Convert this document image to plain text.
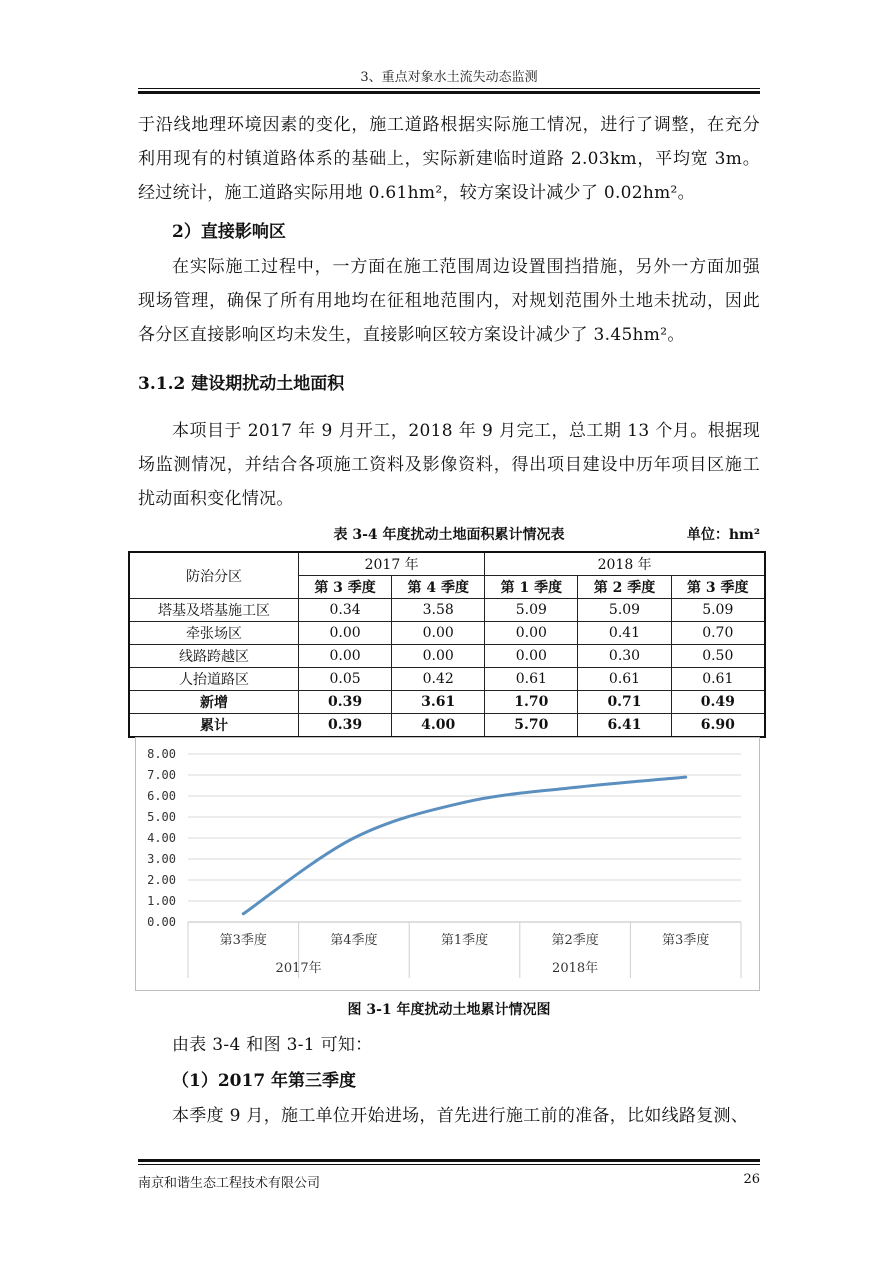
3、重点对象水土流失动态监测
于沿线地理环境因素的变化，施工道路根据实际施工情况，进行了调整，在充分利用现有的村镇道路体系的基础上，实际新建临时道路 2.03km，平均宽 3m。经过统计，施工道路实际用地 0.61hm²，较方案设计减少了 0.02hm²。
2）直接影响区
在实际施工过程中，一方面在施工范围周边设置围挡措施，另外一方面加强现场管理，确保了所有用地均在征租地范围内，对规划范围外土地未扰动，因此各分区直接影响区均未发生，直接影响区较方案设计减少了 3.45hm²。
3.1.2 建设期扰动土地面积
本项目于 2017 年 9 月开工，2018 年 9 月完工，总工期 13 个月。根据现场监测情况，并结合各项施工资料及影像资料，得出项目建设中历年项目区施工扰动面积变化情况。
表 3-4 年度扰动土地面积累计情况表	单位：hm²
防治分区	2017 年		2018 年		
	第 3 季度	第 4 季度	第 1 季度	第 2 季度	第 3 季度
塔基及塔基施工区	0.34	3.58	5.09	5.09	5.09
牵张场区	0.00	0.00	0.00	0.41	0.70
线路跨越区	0.00	0.00	0.00	0.30	0.50
人抬道路区	0.05	0.42	0.61	0.61	0.61
新增	0.39	3.61	1.70	0.71	0.49
累计	0.39	4.00	5.70	6.41	6.90
0.00
1.00
2.00
3.00
4.00
5.00
6.00
7.00
8.00
第3季度	第4季度	第1季度	第2季度	第3季度
2017年	2018年
图 3-1 年度扰动土地累计情况图
由表 3-4 和图 3-1 可知：
（1）2017 年第三季度
本季度 9 月，施工单位开始进场，首先进行施工前的准备，比如线路复测、
南京和谐生态工程技术有限公司	26
